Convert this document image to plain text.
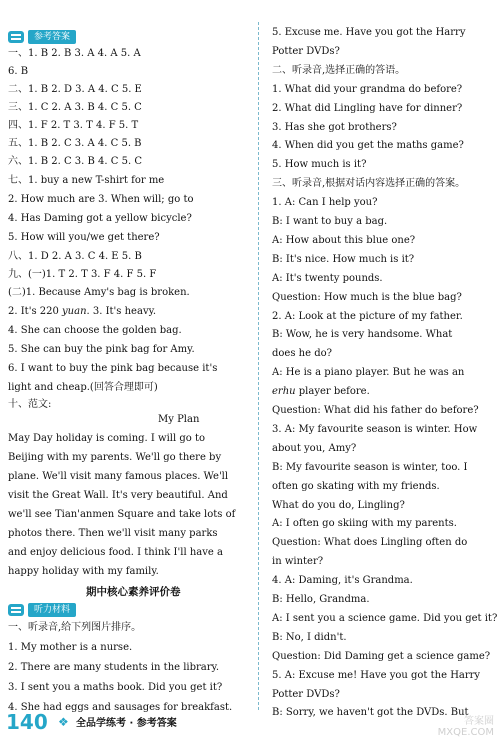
参考答案
一、1. B 2. B 3. A 4. A 5. A
6. B
二、1. B 2. D 3. A 4. C 5. E
三、1. C 2. A 3. B 4. C 5. C
四、1. F 2. T 3. T 4. F 5. T
五、1. B 2. C 3. A 4. C 5. B
六、1. B 2. C 3. B 4. C 5. C
七、1. buy a new T-shirt for me
2. How much are 3. When will; go to
4. Has Daming got a yellow bicycle?
5. How will you/we get there?
八、1. D 2. A 3. C 4. E 5. B
九、(一)1. T 2. T 3. F 4. F 5. F
(二)1. Because Amy's bag is broken.
2. It's 220 yuan. 3. It's heavy.
4. She can choose the golden bag.
5. She can buy the pink bag for Amy.
6. I want to buy the pink bag because it's
light and cheap.(回答合理即可)
十、范文:
My Plan
May Day holiday is coming. I will go to
Beijing with my parents. We'll go there by
plane. We'll visit many famous places. We'll
visit the Great Wall. It's very beautiful. And
we'll see Tian'anmen Square and take lots of
photos there. Then we'll visit many parks
and enjoy delicious food. I think I'll have a
happy holiday with my family.
期中核心素养评价卷
听力材料
一、听录音,给下列图片排序。
1. My mother is a nurse.
2. There are many students in the library.
3. I sent you a maths book. Did you get it?
4. She had eggs and sausages for breakfast.
5. Excuse me. Have you got the Harry
Potter DVDs?
二、听录音,选择正确的答语。
1. What did your grandma do before?
2. What did Lingling have for dinner?
3. Has she got brothers?
4. When did you get the maths game?
5. How much is it?
三、听录音,根据对话内容选择正确的答案。
1. A: Can I help you?
B: I want to buy a bag.
A: How about this blue one?
B: It's nice. How much is it?
A: It's twenty pounds.
Question: How much is the blue bag?
2. A: Look at the picture of my father.
B: Wow, he is very handsome. What
does he do?
A: He is a piano player. But he was an
erhu player before.
Question: What did his father do before?
3. A: My favourite season is winter. How
about you, Amy?
B: My favourite season is winter, too. I
often go skating with my friends.
What do you do, Lingling?
A: I often go skiing with my parents.
Question: What does Lingling often do
in winter?
4. A: Daming, it's Grandma.
B: Hello, Grandma.
A: I sent you a science game. Did you get it?
B: No, I didn't.
Question: Did Daming get a science game?
5. A: Excuse me! Have you got the Harry
Potter DVDs?
B: Sorry, we haven't got the DVDs. But
140 ❖ 全品学练考 · 参考答案	答案圈
MXQE.COM
